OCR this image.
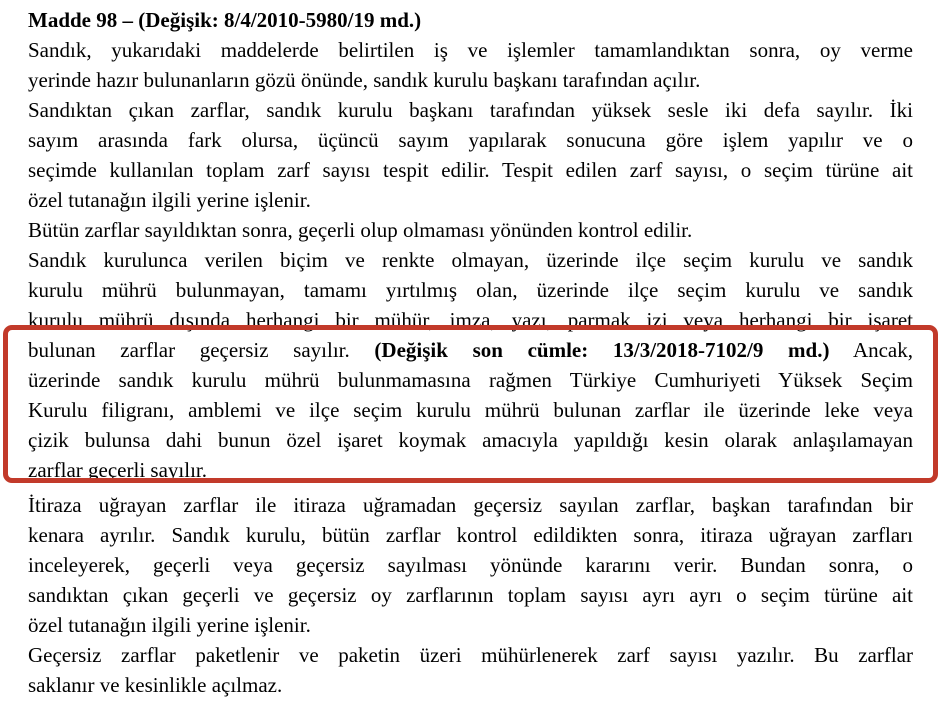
Madde 98 – (Değişik: 8/4/2010-5980/19 md.)
Sandık, yukarıdaki maddelerde belirtilen iş ve işlemler tamamlandıktan sonra, oy verme
yerinde hazır bulunanların gözü önünde, sandık kurulu başkanı tarafından açılır.
Sandıktan çıkan zarflar, sandık kurulu başkanı tarafından yüksek sesle iki defa sayılır. İki
sayım arasında fark olursa, üçüncü sayım yapılarak sonucuna göre işlem yapılır ve o
seçimde kullanılan toplam zarf sayısı tespit edilir. Tespit edilen zarf sayısı, o seçim türüne ait
özel tutanağın ilgili yerine işlenir.
Bütün zarflar sayıldıktan sonra, geçerli olup olmaması yönünden kontrol edilir.
Sandık kurulunca verilen biçim ve renkte olmayan, üzerinde ilçe seçim kurulu ve sandık
kurulu mührü bulunmayan, tamamı yırtılmış olan, üzerinde ilçe seçim kurulu ve sandık
kurulu mührü dışında herhangi bir mühür, imza, yazı, parmak izi veya herhangi bir işaret
bulunan zarflar geçersiz sayılır. (Değişik son cümle: 13/3/2018-7102/9 md.) Ancak,
üzerinde sandık kurulu mührü bulunmamasına rağmen Türkiye Cumhuriyeti Yüksek Seçim
Kurulu filigranı, amblemi ve ilçe seçim kurulu mührü bulunan zarflar ile üzerinde leke veya
çizik bulunsa dahi bunun özel işaret koymak amacıyla yapıldığı kesin olarak anlaşılamayan
zarflar geçerli sayılır.
İtiraza uğrayan zarflar ile itiraza uğramadan geçersiz sayılan zarflar, başkan tarafından bir
kenara ayrılır. Sandık kurulu, bütün zarflar kontrol edildikten sonra, itiraza uğrayan zarfları
inceleyerek, geçerli veya geçersiz sayılması yönünde kararını verir. Bundan sonra, o
sandıktan çıkan geçerli ve geçersiz oy zarflarının toplam sayısı ayrı ayrı o seçim türüne ait
özel tutanağın ilgili yerine işlenir.
Geçersiz zarflar paketlenir ve paketin üzeri mühürlenerek zarf sayısı yazılır. Bu zarflar
saklanır ve kesinlikle açılmaz.
